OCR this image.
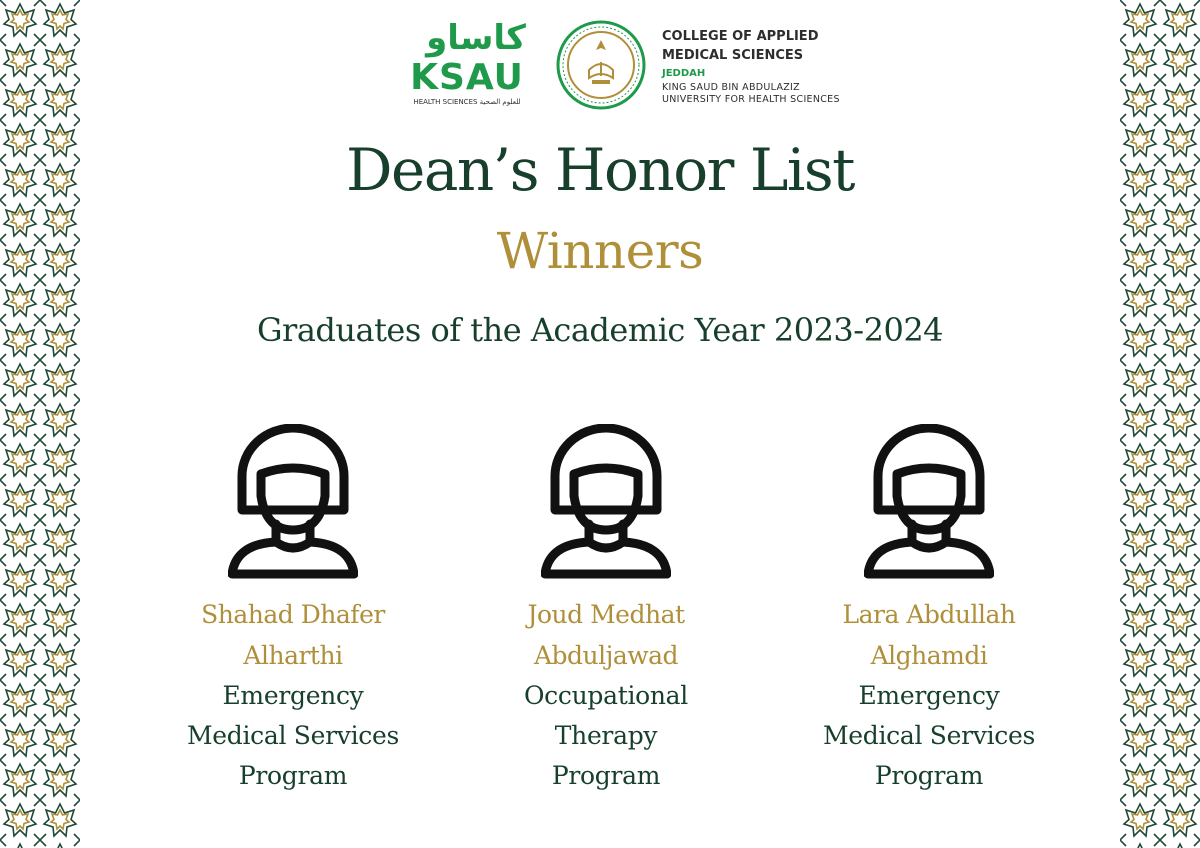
كاساو
KSAU
HEALTH SCIENCES للعلوم الصحية
COLLEGE OF APPLIED
MEDICAL SCIENCES
JEDDAH
KING SAUD BIN ABDULAZIZ
UNIVERSITY FOR HEALTH SCIENCES
Dean’s Honor List
Winners
Graduates of the Academic Year 2023-2024
Shahad Dhafer
Alharthi
Emergency
Medical Services
Program
Joud Medhat
Abduljawad
Occupational
Therapy
Program
Lara Abdullah
Alghamdi
Emergency
Medical Services
Program
